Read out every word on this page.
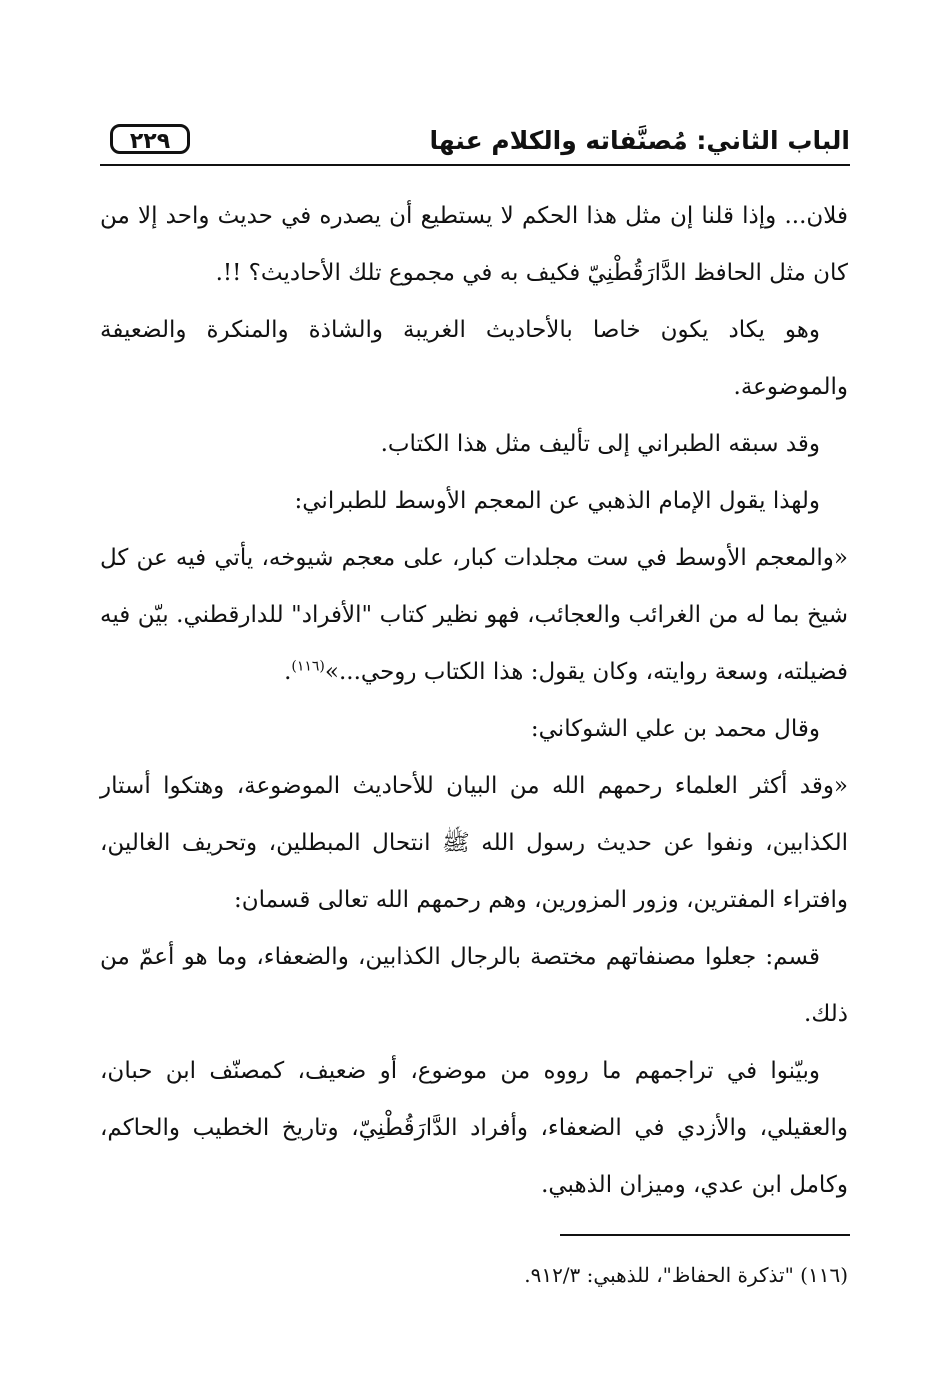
الباب الثاني: مُصنَّفاته والكلام عنها
٢٢٩

فلان... وإذا قلنا إن مثل هذا الحكم لا يستطيع أن يصدره في حديث واحد إلا من كان مثل الحافظ الدَّارَقُطْنِيّ فكيف به في مجموع تلك الأحاديث؟ !!.

وهو يكاد يكون خاصا بالأحاديث الغريبة والشاذة والمنكرة والضعيفة والموضوعة.

وقد سبقه الطبراني إلى تأليف مثل هذا الكتاب.

ولهذا يقول الإمام الذهبي عن المعجم الأوسط للطبراني:

«والمعجم الأوسط في ست مجلدات كبار، على معجم شيوخه، يأتي فيه عن كل شيخ بما له من الغرائب والعجائب، فهو نظير كتاب "الأفراد" للدارقطني. بيّن فيه فضيلته، وسعة روايته، وكان يقول: هذا الكتاب روحي...»$^{(١١٦)}$.

وقال محمد بن علي الشوكاني:

«وقد أكثر العلماء رحمهم الله من البيان للأحاديث الموضوعة، وهتكوا أستار الكذابين، ونفوا عن حديث رسول الله ﷺ انتحال المبطلين، وتحريف الغالين، وافتراء المفترين، وزور المزورين، وهم رحمهم الله تعالى قسمان:

قسم: جعلوا مصنفاتهم مختصة بالرجال الكذابين، والضعفاء، وما هو أعمّ من ذلك.

وبيّنوا في تراجمهم ما رووه من موضوع، أو ضعيف، كمصنّف ابن حبان، والعقيلي، والأزدي في الضعفاء، وأفراد الدَّارَقُطْنِيّ، وتاريخ الخطيب والحاكم، وكامل ابن عدي، وميزان الذهبي.

(١١٦) "تذكرة الحفاظ"، للذهبي: ٩١٢/٣.
